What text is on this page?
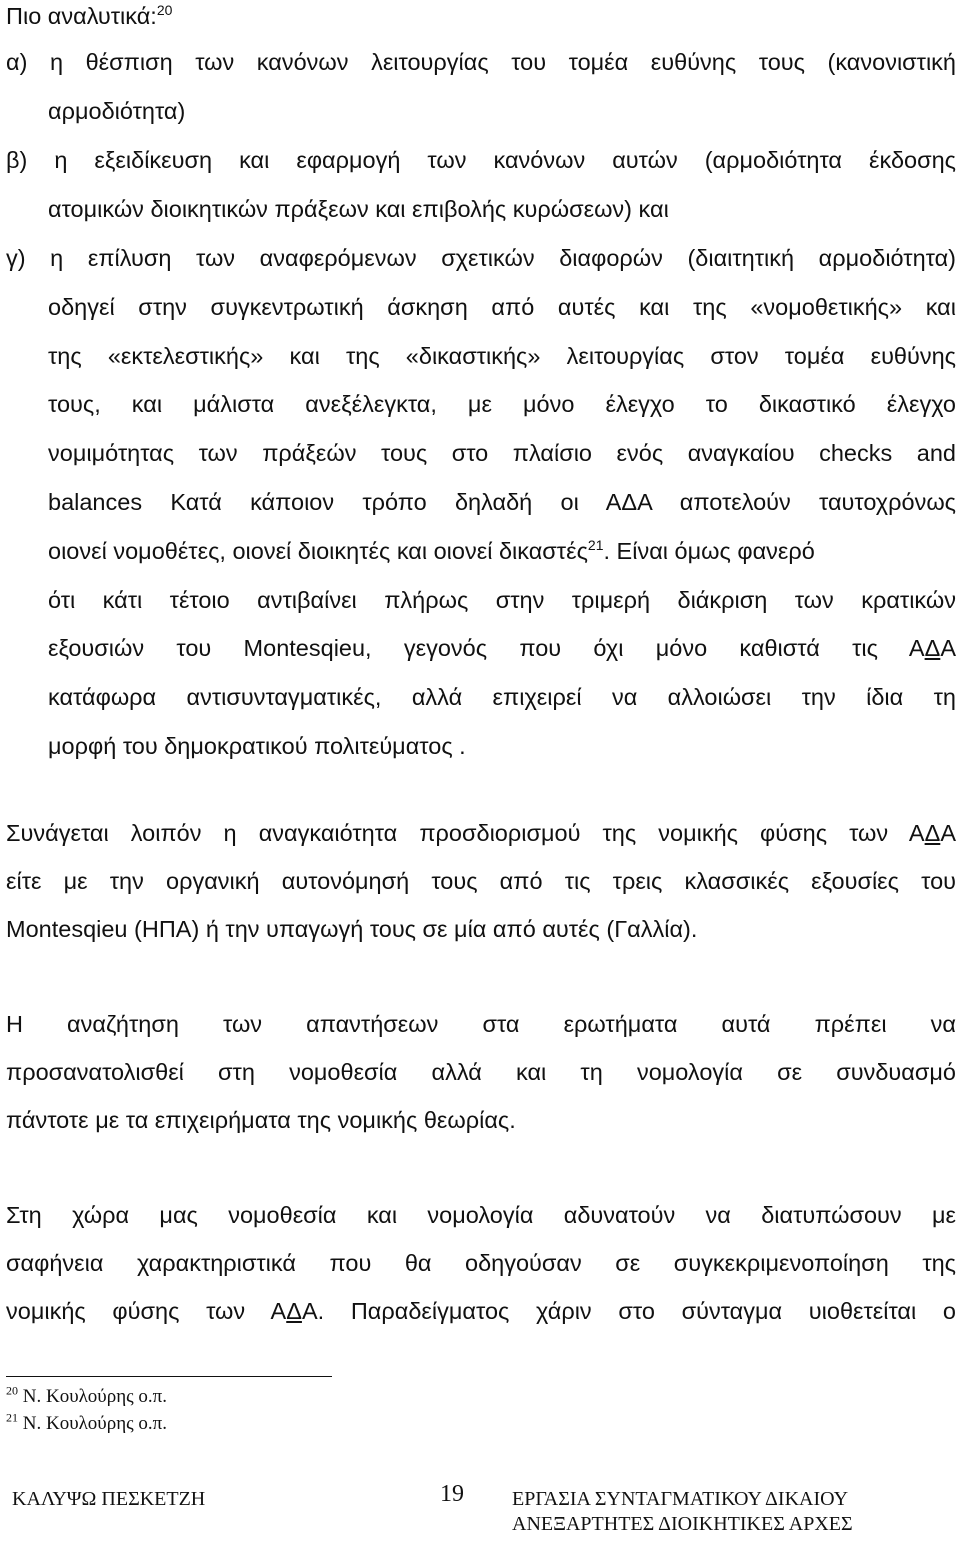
Πιο αναλυτικά:$^{20}$
α) η θέσπιση των κανόνων λειτουργίας του τομέα ευθύνης τους (κανονιστική
αρμοδιότητα)
β) η εξειδίκευση και εφαρμογή των κανόνων αυτών (αρμοδιότητα έκδοσης
ατομικών διοικητικών πράξεων και επιβολής κυρώσεων) και
γ) η επίλυση των αναφερόμενων σχετικών διαφορών (διαιτητική αρμοδιότητα)
οδηγεί στην συγκεντρωτική άσκηση από αυτές και της «νομοθετικής» και
της «εκτελεστικής» και της «δικαστικής» λειτουργίας στον τομέα ευθύνης
τους, και μάλιστα ανεξέλεγκτα, με μόνο έλεγχο το δικαστικό έλεγχο
νομιμότητας των πράξεών τους στο πλαίσιο ενός αναγκαίου checks and
balances Κατά κάποιον τρόπο δηλαδή οι ΑΔΑ αποτελούν ταυτοχρόνως
οιονεί νομοθέτες, οιονεί διοικητές και οιονεί δικαστές$^{21}$. Είναι όμως φανερό
ότι κάτι τέτοιο αντιβαίνει πλήρως στην τριμερή διάκριση των κρατικών
εξουσιών του Montesqieu, γεγονός που όχι μόνο καθιστά τις ΑΔΑ
κατάφωρα αντισυνταγματικές, αλλά επιχειρεί να αλλοιώσει την ίδια τη
μορφή του δημοκρατικού πολιτεύματος .
Συνάγεται λοιπόν η αναγκαιότητα προσδιορισμού της νομικής φύσης των ΑΔΑ
είτε με την οργανική αυτονόμησή τους από τις τρεις κλασσικές εξουσίες του
Montesqieu (ΗΠΑ) ή την υπαγωγή τους σε μία από αυτές (Γαλλία).
Η αναζήτηση των απαντήσεων στα ερωτήματα αυτά πρέπει να
προσανατολισθεί στη νομοθεσία αλλά και τη νομολογία σε συνδυασμό
πάντοτε με τα επιχειρήματα της νομικής θεωρίας.
Στη χώρα μας νομοθεσία και νομολογία αδυνατούν να διατυπώσουν με
σαφήνεια χαρακτηριστικά που θα οδηγούσαν σε συγκεκριμενοποίηση της
νομικής φύσης των ΑΔΑ. Παραδείγματος χάριν στο σύνταγμα υιοθετείται ο
$^{20}$ Ν. Κουλούρης ο.π.
$^{21}$ Ν. Κουλούρης ο.π.
ΚΑΛΥΨΩ ΠΕΣΚΕΤΖΗ	19 ΕΡΓΑΣΙΑ ΣΥΝΤΑΓΜΑΤΙΚΟΥ ΔΙΚΑΙΟΥ
ΑΝΕΞΑΡΤΗΤΕΣ ΔΙΟΙΚΗΤΙΚΕΣ ΑΡΧΕΣ
